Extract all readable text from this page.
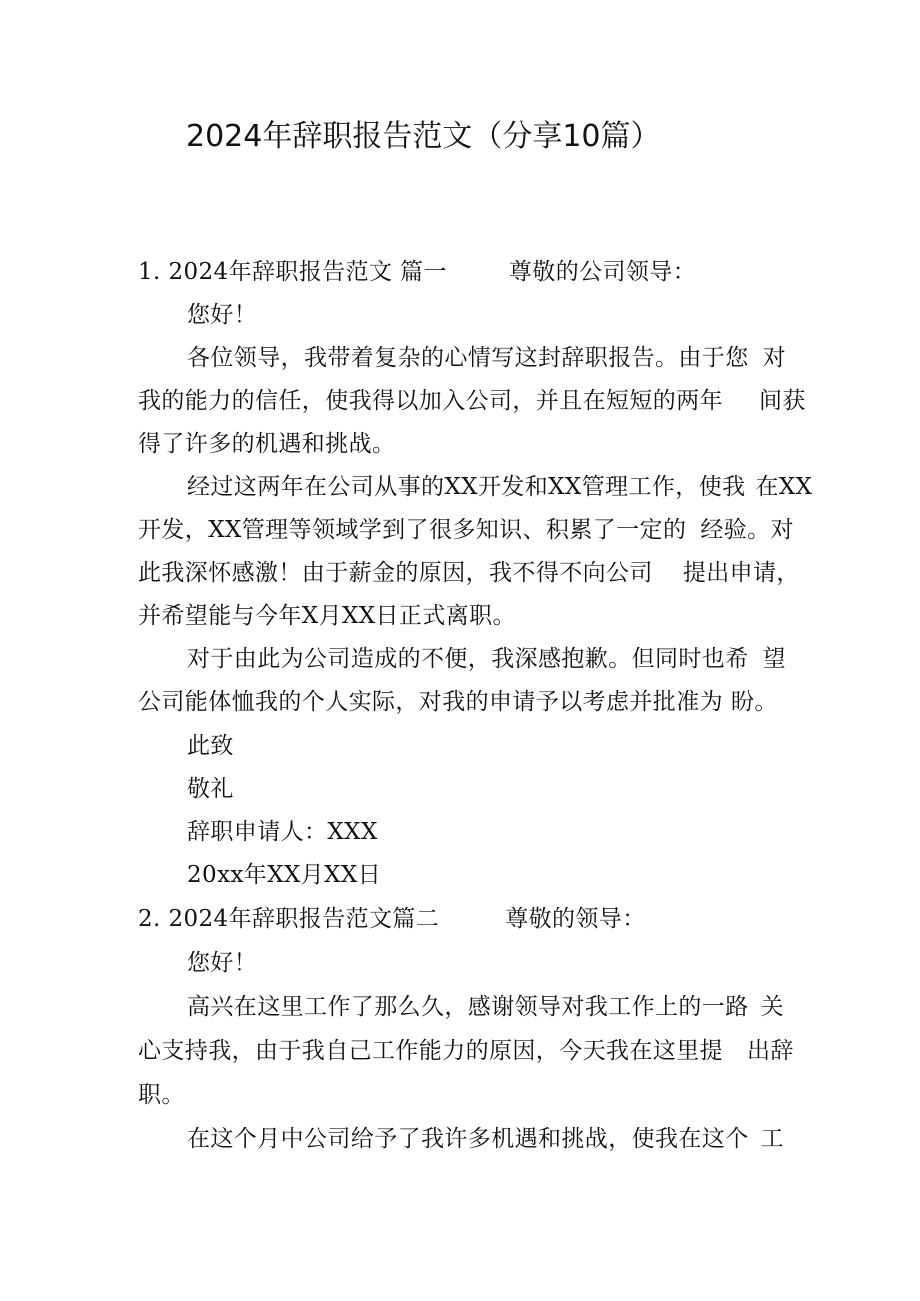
2024年辞职报告范文（分享10篇）
1. 2024年辞职报告范文 篇一	尊敬的公司领导：
您好！
各位领导，我带着复杂的心情写这封辞职报告。由于您 对
我的能力的信任，使我得以加入公司，并且在短短的两年 间获
得了许多的机遇和挑战。
经过这两年在公司从事的XX开发和XX管理工作，使我 在XX
开发，XX管理等领域学到了很多知识、积累了一定的 经验。对
此我深怀感激！由于薪金的原因，我不得不向公司 提出申请，
并希望能与今年X月XX日正式离职。
对于由此为公司造成的不便，我深感抱歉。但同时也希 望
公司能体恤我的个人实际，对我的申请予以考虑并批准为 盼。
此致
敬礼
辞职申请人：XXX
20xx年XX月XX日
2. 2024年辞职报告范文篇二	尊敬的领导：
您好！
高兴在这里工作了那么久，感谢领导对我工作上的一路 关
心支持我，由于我自己工作能力的原因，今天我在这里提 出辞
职。
在这个月中公司给予了我许多机遇和挑战，使我在这个 工
